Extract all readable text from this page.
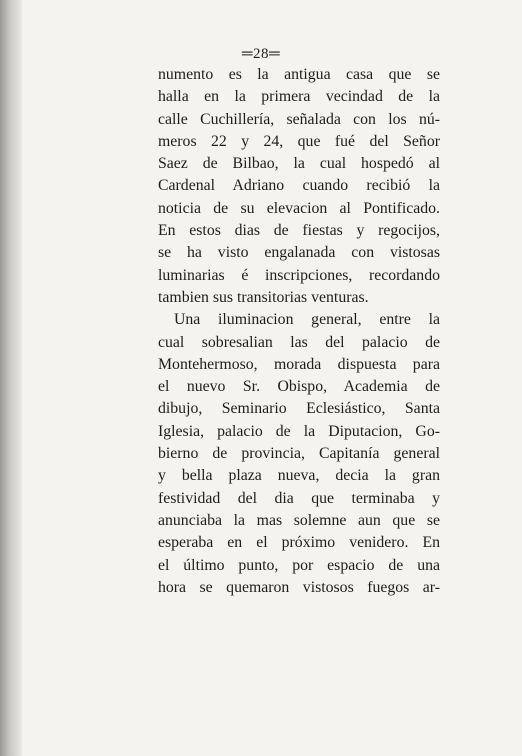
═28═
numento es la antigua casa que se
halla en la primera vecindad de la
calle Cuchillería, señalada con los nú-
meros 22 y 24, que fué del Señor
Saez de Bilbao, la cual hospedó al
Cardenal Adriano cuando recibió la
noticia de su elevacion al Pontificado.
En estos dias de fiestas y regocijos,
se ha visto engalanada con vistosas
luminarias é inscripciones, recordando
tambien sus transitorias venturas.
Una iluminacion general, entre la
cual sobresalian las del palacio de
Montehermoso, morada dispuesta para
el nuevo Sr. Obispo, Academia de
dibujo, Seminario Eclesiástico, Santa
Iglesia, palacio de la Diputacion, Go-
bierno de provincia, Capitanía general
y bella plaza nueva, decia la gran
festividad del dia que terminaba y
anunciaba la mas solemne aun que se
esperaba en el próximo venidero. En
el último punto, por espacio de una
hora se quemaron vistosos fuegos ar-
